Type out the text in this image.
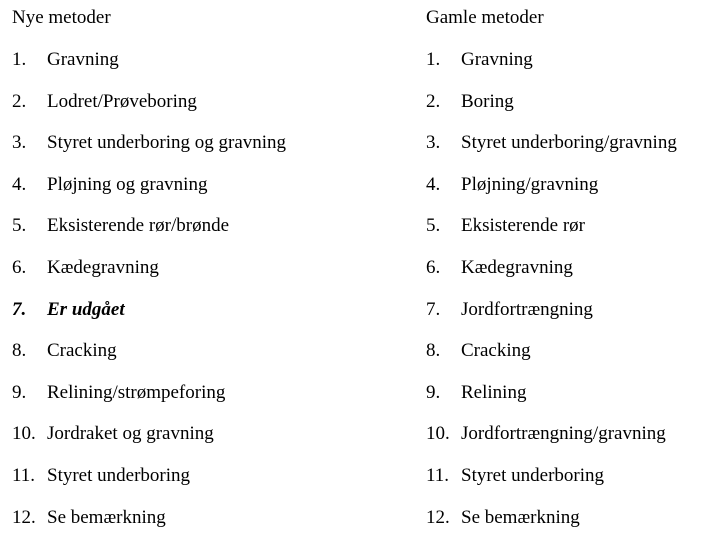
Nye metoder
1. Gravning
2. Lodret/Prøveboring
3. Styret underboring og gravning
4. Pløjning og gravning
5. Eksisterende rør/brønde
6. Kædegravning
7. Er udgået
8. Cracking
9. Relining/strømpeforing
10. Jordraket og gravning
11. Styret underboring
12. Se bemærkning
Gamle metoder
1. Gravning
2. Boring
3. Styret underboring/gravning
4. Pløjning/gravning
5. Eksisterende rør
6. Kædegravning
7. Jordfortrængning
8. Cracking
9. Relining
10. Jordfortrængning/gravning
11. Styret underboring
12. Se bemærkning
